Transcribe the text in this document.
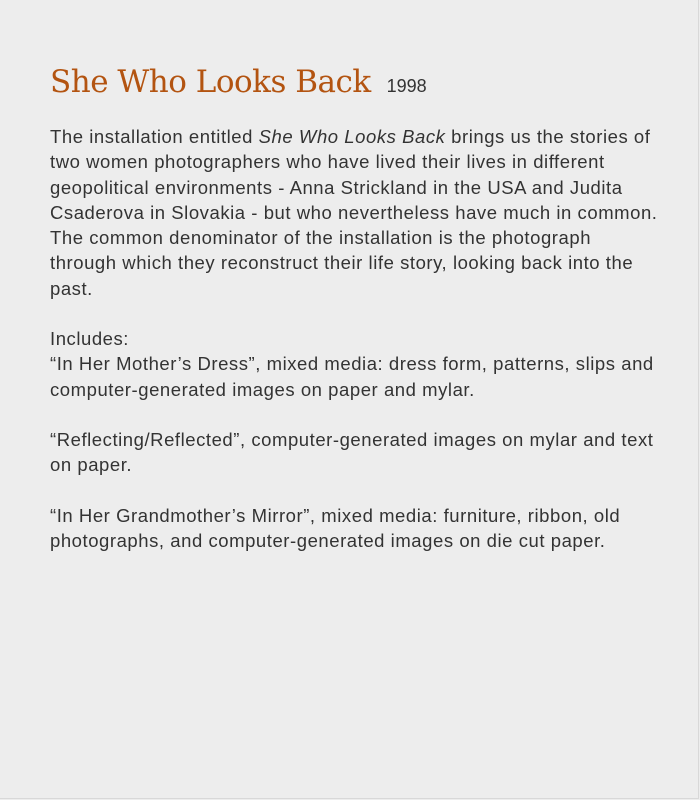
She Who Looks Back 1998

The installation entitled She Who Looks Back brings us the stories of two women photographers who have lived their lives in different geopolitical environments - Anna Strickland in the USA and Judita Csaderova in Slovakia - but who nevertheless have much in common. The common denominator of the installation is the photograph through which they reconstruct their life story, looking back into the past.

Includes:
“In Her Mother’s Dress”, mixed media: dress form, patterns, slips and computer-generated images on paper and mylar.

“Reflecting/Reflected”, computer-generated images on mylar and text on paper.

“In Her Grandmother’s Mirror”, mixed media: furniture, ribbon, old photographs, and computer-generated images on die cut paper.
